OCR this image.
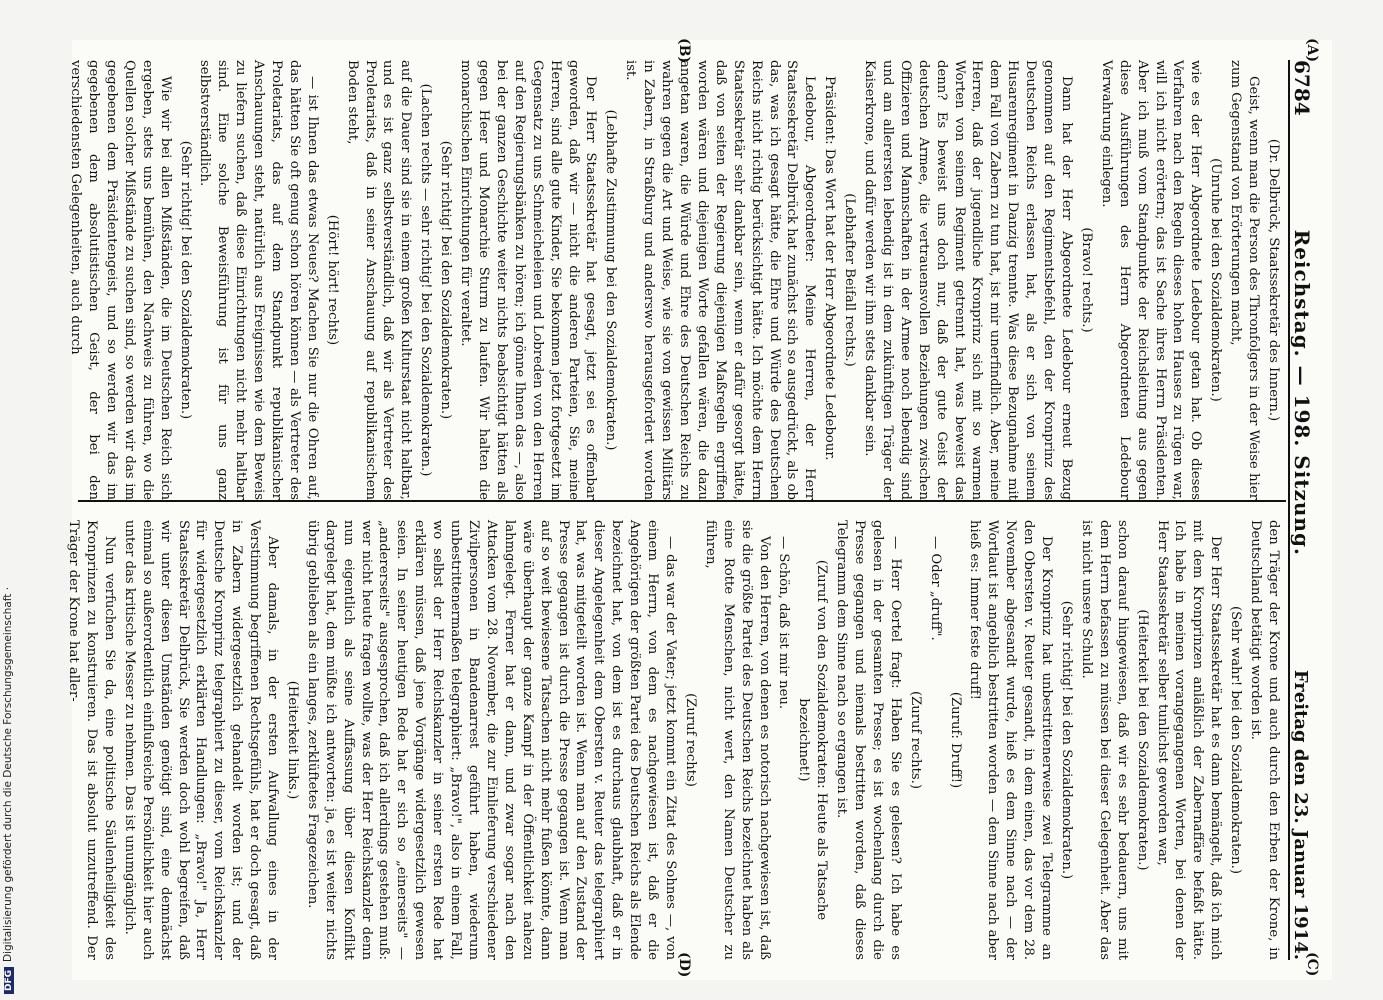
6784
Reichstag. — 198. Sitzung.
Freitag den 23. Januar 1914.
(A)
(B)
(C)
(D)

(Dr. Delbrück, Staatssekretär des Innern.)

Geist, wenn man die Person des Thronfolgers in der Weise hier zum Gegenstand von Erörterungen macht,

(Unruhe bei den Sozialdemokraten.)

wie es der Herr Abgeordnete Ledebour getan hat. Ob dieses Verfahren nach den Regeln dieses hohen Hauses zu rügen war, will ich nicht erörtern; das ist Sache ihres Herrn Präsidenten. Aber ich muß vom Standpunkte der Reichsleitung aus gegen diese Ausführungen des Herrn Abgeordneten Ledebour Verwahrung einlegen.

(Bravo! rechts.)

Dann hat der Herr Abgeordnete Ledebour erneut Bezug genommen auf den Regimentsbefehl, den der Kronprinz des Deutschen Reichs erlassen hat, als er sich von seinem Husarenregiment in Danzig trennte. Was diese Bezugnahme mit dem Fall von Zabern zu tun hat, ist mir unerfindlich. Aber, meine Herren, daß der jugendliche Kronprinz sich mit so warmen Worten von seinem Regiment getrennt hat, was beweist das denn? Es beweist uns doch nur, daß der gute Geist der deutschen Armee, die vertrauensvollen Beziehungen zwischen Offizieren und Mannschaften in der Armee noch lebendig sind und am allerersten lebendig ist in dem zukünftigen Träger der Kaiserkrone, und dafür werden wir ihm stets dankbar sein.

(Lebhafter Beifall rechts.)

Präsident: Das Wort hat der Herr Abgeordnete Ledebour.

Ledebour, Abgeordneter: Meine Herren, der Herr Staatssekretär Delbrück hat zunächst sich so ausgedrückt, als ob das, was ich gesagt hätte, die Ehre und Würde des Deutschen Reichs nicht richtig berücksichtigt hätte. Ich möchte dem Herrn Staatssekretär sehr dankbar sein, wenn er dafür gesorgt hätte, daß von seiten der Regierung diejenigen Maßregeln ergriffen worden wären und diejenigen Worte gefallen wären, die dazu angetan waren, die Würde und Ehre des Deutschen Reichs zu wahren gegen die Art und Weise, wie sie von gewissen Militärs in Zabern, in Straßburg und anderswo herausgefordert worden ist.

(Lebhafte Zustimmung bei den Sozialdemokraten.)

Der Herr Staatssekretär hat gesagt, jetzt sei es offenbar geworden, daß wir — nicht die anderen Parteien, Sie, meine Herren, sind alle gute Kinder, Sie bekommen jetzt fortgesetzt im Gegensatz zu uns Schmeicheleien und Lobreden von den Herren auf den Regierungsbänken zu hören; ich gönne Ihnen das —, also bei der ganzen Geschichte weiter nichts beabsichtigt hätten als gegen Heer und Monarchie Sturm zu laufen. Wir halten die monarchischen Einrichtungen für veraltet.

(Sehr richtig! bei den Sozialdemokraten.)

(Lachen rechts — sehr richtig! bei den Sozialdemokraten.)

auf die Dauer sind sie in einem großen Kulturstaat nicht haltbar, und es ist ganz selbstverständlich, daß wir als Vertreter des Proletariats, daß in seiner Anschauung auf republikanischem Boden steht,

(Hört! hört! rechts)

— ist Ihnen das etwas Neues? Machen Sie nur die Ohren auf, das hätten Sie oft genug schon hören können — als Vertreter des Proletariats, das auf dem Standpunkt republikanischer Anschauungen steht, natürlich aus Ereignissen wie dem Beweis zu liefern suchen, daß diese Einrichtungen nicht mehr haltbar sind. Eine solche Beweisführung ist für uns ganz selbstverständlich.

(Sehr richtig! bei den Sozialdemokraten.)

Wie wir bei allen Mißständen, die im Deutschen Reich sich ergeben, stets uns bemühen, den Nachweis zu führen, wo die Quellen solcher Mißstände zu suchen sind, so werden wir das im gegebenen dem Präsidentengeist, und so werden wir das im gegebenen dem absolutistischen Geist, der bei den verschiedensten Gelegenheiten, auch durch

den Träger der Krone und auch durch den Erben der Krone, in Deutschland betätigt worden ist.

(Sehr wahr! bei den Sozialdemokraten.)

Der Herr Staatssekretär hat es dann bemängelt, daß ich mich mit dem Kronprinzen anläßlich der Zabernaffäre befaßt hätte. Ich habe in meinen vorangegangenen Worten, bei denen der Herr Staatssekretär selber tunlichst geworden war,

(Heiterkeit bei den Sozialdemokraten.)

schon darauf hingewiesen, daß wir es sehr bedauern, uns mit dem Herrn befassen zu müssen bei dieser Gelegenheit. Aber das ist nicht unsere Schuld.

(Sehr richtig! bei den Sozialdemokraten.)

Der Kronprinz hat unbestrittenerweise zwei Telegramme an den Obersten v. Reuter gesandt, in dem einen, das vor dem 28. November abgesandt wurde, hieß es dem Sinne nach — der Wortlaut ist angeblich bestritten worden — dem Sinne nach aber hieß es: Immer feste druff!

(Zuruf: Druff!)

— Oder „druff".

(Zuruf rechts.)

— Herr Oertel fragt: Haben Sie es gelesen? Ich habe es gelesen in der gesamten Presse; es ist wochenlang durch die Presse gegangen und niemals bestritten worden, daß dieses Telegramm dem Sinne nach so ergangen ist.

(Zuruf von den Sozialdemokraten: Heute als Tatsache bezeichnet!)

— Schön, daß ist mir neu.

Von den Herren, von denen es notorisch nachgewiesen ist, daß sie die größte Partei des Deutschen Reichs bezeichnet haben als eine Rotte Menschen, nicht wert, den Namen Deutscher zu führen,

(Zuruf rechts)

— das war der Vater; jetzt kommt ein Zitat des Sohnes —, von einem Herrn, von dem es nachgewiesen ist, daß er die Angehörigen der größten Partei des Deutschen Reichs als Elende bezeichnet hat, von dem ist es durchaus glaubhaft, daß er in dieser Angelegenheit dem Obersten v. Reuter das telegraphiert hat, was mitgeteilt worden ist. Wenn man auf den Zustand der Presse gegangen ist durch die Presse gegangen ist. Wenn man auf so weit bewiesene Tatsachen nicht mehr fußen könnte, dann wäre überhaupt der ganze Kampf in der Öffentlichkeit nahezu lahmgelegt. Ferner hat er dann, und zwar sogar nach den Attacken vom 28. November, die zur Einlieferung verschiedener Zivilpersonen in Bandenarrest geführt haben, wiederum unbestrittenermaßen telegraphiert: „Bravo!", also in einem Fall, wo selbst der Herr Reichskanzler in seiner ersten Rede hat erklären müssen, daß jene Vorgänge widergesetzlich gewesen seien. In seiner heutigen Rede hat er sich so „einerseits" — „andererseits" ausgesprochen, daß ich allerdings gestehen muß: wer nicht heute fragen wollte, was der Herr Reichskanzler denn nun eigentlich als seine Auffassung über diesen Konflikt dargelegt hat, dem müßte ich antworten: ja, es ist weiter nichts übrig geblieben als ein langes, zerklüftetes Fragezeichen.

(Heiterkeit links.)

Aber damals, in der ersten Aufwallung eines in der Verstimmung begriffenen Rechtsgefühls, hat er doch gesagt, daß in Zabern widergesetzlich gehandelt worden ist; und der Deutsche Kronprinz telegraphiert zu dieser, vom Reichskanzler für widergesetzlich erklärten Handlungen: „Bravo!" Ja, Herr Staatssekretär Delbrück, Sie werden doch wohl begreifen, daß wir unter diesen Umständen genötigt sind, eine demnächst einmal so außerordentlich einflußreiche Persönlichkeit hier auch unter das kritische Messer zu nehmen. Das ist unumgänglich.

Nun verfuchen Sie da, eine politische Säulenheiligkeit des Kronprinzen zu konstruieren. Das ist absolut unzutreffend. Der Träger der Krone hat aller-

DFGDigitalisierung gefördert durch die Deutsche Forschungsgemeinschaft ·
